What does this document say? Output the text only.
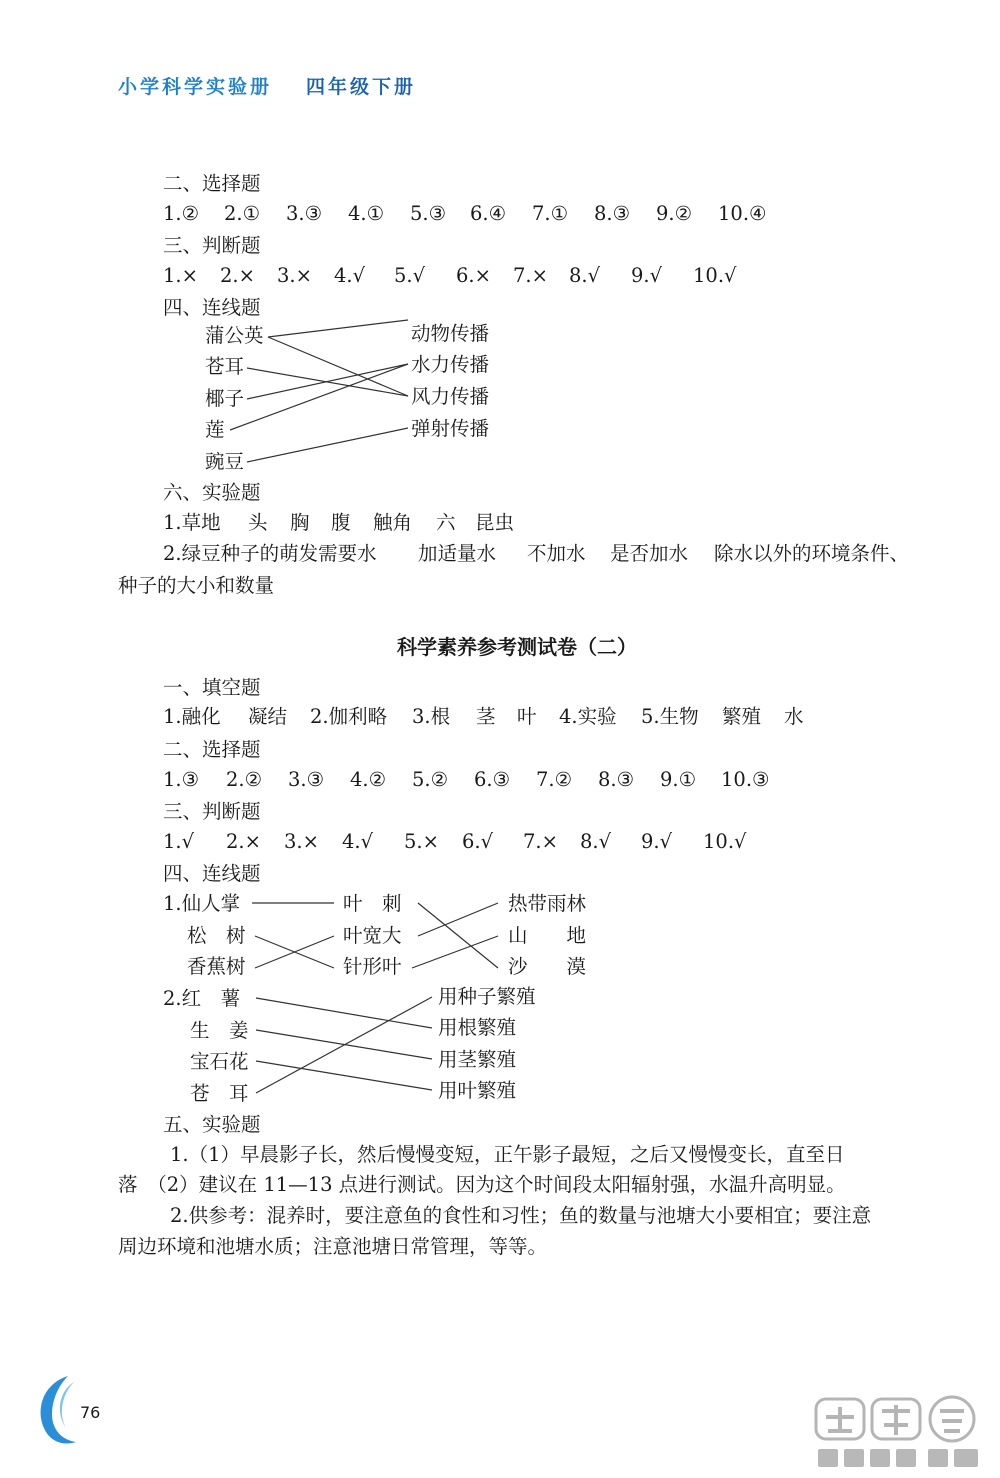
小学科学实验册 四年级下册
二、选择题
1.② 2.① 3.③ 4.① 5.③ 6.④ 7.① 8.③ 9.② 10.④
三、判断题
1.× 2.× 3.× 4.√ 5.√ 6.× 7.× 8.√ 9.√ 10.√
四、连线题
蒲公英
苍耳
椰子
莲
豌豆
动物传播
水力传播
风力传播
弹射传播
六、实验题
1.草地 头 胸 腹 触角 六 昆虫
2.绿豆种子的萌发需要水 加适量水 不加水 是否加水 除水以外的环境条件、
种子的大小和数量
科学素养参考测试卷（二）
一、填空题
1.融化 凝结 2.伽利略 3.根 茎 叶 4.实验 5.生物 繁殖 水
二、选择题
1.③ 2.② 3.③ 4.② 5.② 6.③ 7.② 8.③ 9.① 10.③
三、判断题
1.√ 2.× 3.× 4.√ 5.× 6.√ 7.× 8.√ 9.√ 10.√
四、连线题
1.仙人掌
松　树
香蕉树
叶　刺
叶宽大
针形叶
热带雨林
山　　地
沙　　漠
2.红　薯
生　姜
宝石花
苍　耳
用种子繁殖
用根繁殖
用茎繁殖
用叶繁殖
五、实验题
1.（1）早晨影子长，然后慢慢变短，正午影子最短，之后又慢慢变长，直至日
落　（2）建议在 11—13 点进行测试。因为这个时间段太阳辐射强，水温升高明显。
2.供参考：混养时，要注意鱼的食性和习性；鱼的数量与池塘大小要相宜；要注意
周边环境和池塘水质；注意池塘日常管理，等等。
76
